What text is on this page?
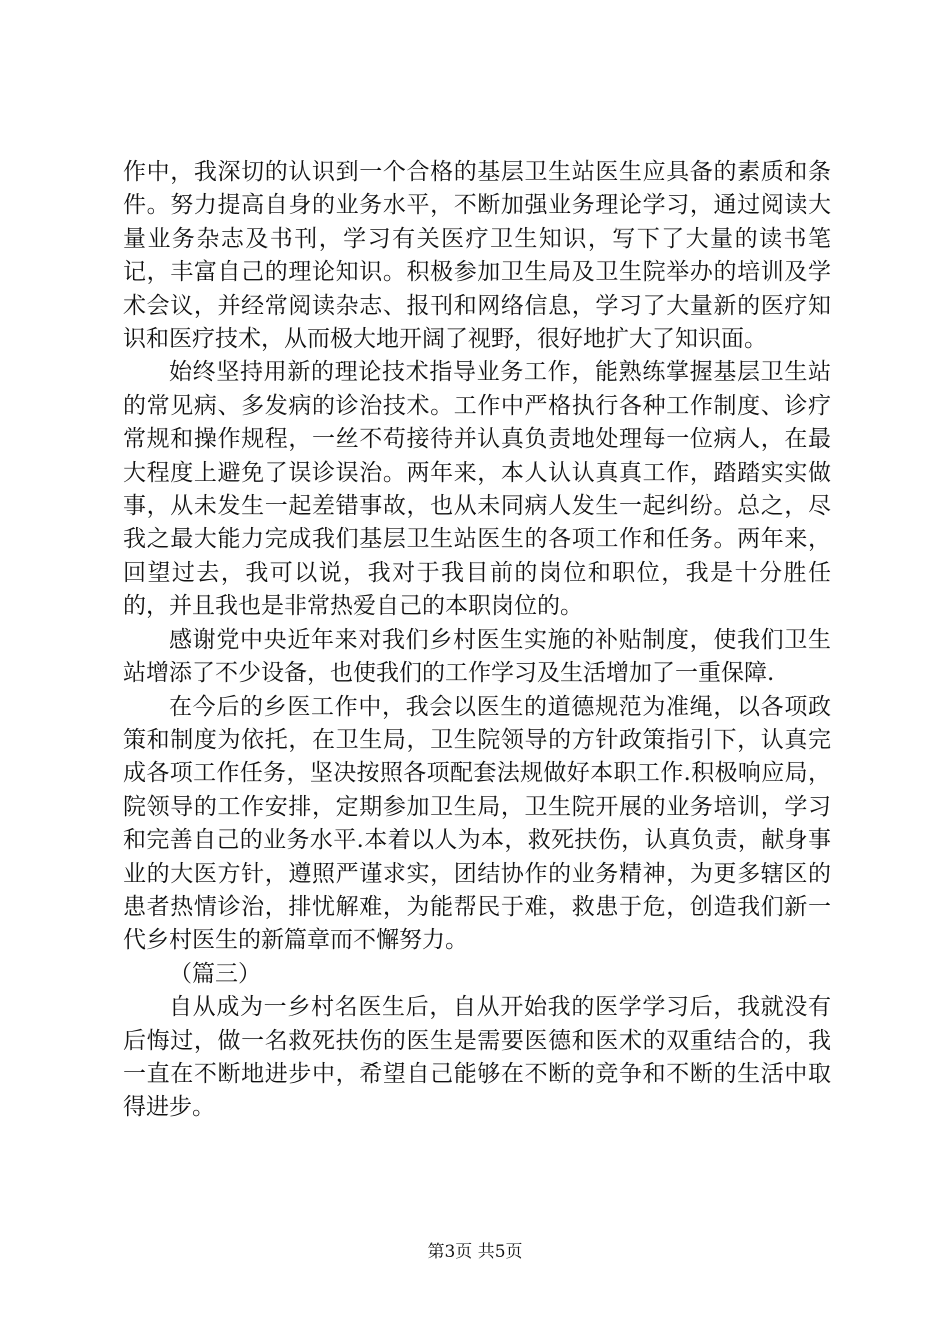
作中，我深切的认识到一个合格的基层卫生站医生应具备的素质和条件。努力提高自身的业务水平，不断加强业务理论学习，通过阅读大量业务杂志及书刊，学习有关医疗卫生知识，写下了大量的读书笔记，丰富自己的理论知识。积极参加卫生局及卫生院举办的培训及学术会议，并经常阅读杂志、报刊和网络信息，学习了大量新的医疗知识和医疗技术，从而极大地开阔了视野，很好地扩大了知识面。

始终坚持用新的理论技术指导业务工作，能熟练掌握基层卫生站的常见病、多发病的诊治技术。工作中严格执行各种工作制度、诊疗常规和操作规程，一丝不苟接待并认真负责地处理每一位病人，在最大程度上避免了误诊误治。两年来，本人认认真真工作，踏踏实实做事，从未发生一起差错事故，也从未同病人发生一起纠纷。总之，尽我之最大能力完成我们基层卫生站医生的各项工作和任务。两年来，回望过去，我可以说，我对于我目前的岗位和职位，我是十分胜任的，并且我也是非常热爱自己的本职岗位的。

感谢党中央近年来对我们乡村医生实施的补贴制度，使我们卫生站增添了不少设备，也使我们的工作学习及生活增加了一重保障.

在今后的乡医工作中，我会以医生的道德规范为准绳，以各项政策和制度为依托，在卫生局，卫生院领导的方针政策指引下，认真完成各项工作任务，坚决按照各项配套法规做好本职工作.积极响应局，院领导的工作安排，定期参加卫生局，卫生院开展的业务培训，学习和完善自己的业务水平.本着以人为本，救死扶伤，认真负责，献身事业的大医方针，遵照严谨求实，团结协作的业务精神，为更多辖区的患者热情诊治，排忧解难，为能帮民于难，救患于危，创造我们新一代乡村医生的新篇章而不懈努力。

（篇三）

自从成为一乡村名医生后，自从开始我的医学学习后，我就没有后悔过，做一名救死扶伤的医生是需要医德和医术的双重结合的，我一直在不断地进步中，希望自己能够在不断的竞争和不断的生活中取得进步。

第3页 共5页
